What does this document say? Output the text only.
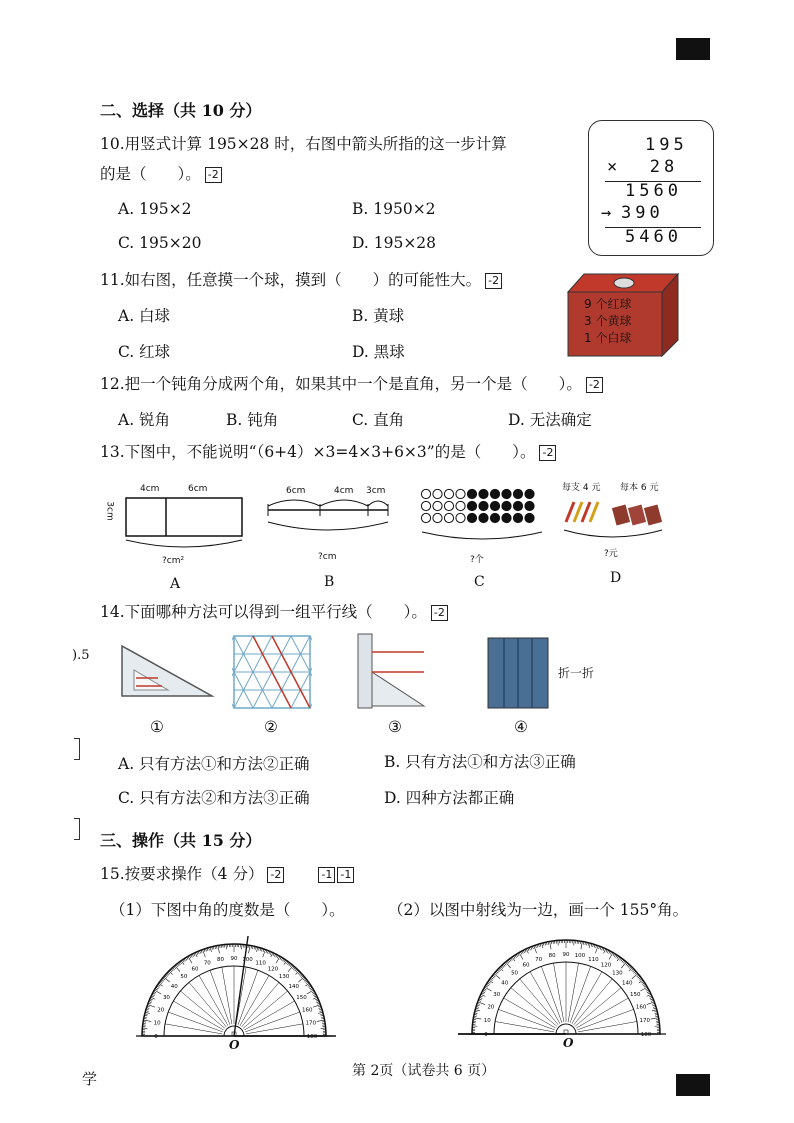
二、选择（共 10 分）
10.用竖式计算 195×28 时，右图中箭头所指的这一步计算
的是（　　）。 -2
A. 195×2	B. 1950×2
C. 195×20	D. 195×28
195
×  28
1560
→ 390
5460
11.如右图，任意摸一个球，摸到（　　）的可能性大。 -2
A. 白球	B. 黄球
C. 红球	D. 黑球
9 个红球
3 个黄球
1 个白球
12.把一个钝角分成两个角，如果其中一个是直角，另一个是（　　）。 -2
A. 锐角	B. 钝角	C. 直角	D. 无法确定
13.下图中，不能说明“（6+4）×3=4×3+6×3”的是（　　）。 -2
4cm	6cm
3cm
?cm²
A
6cm	4cm 3cm
?cm
B
?个
C
每支 4 元 每本 6 元
?元
D
14.下面哪种方法可以得到一组平行线（　　）。 -2
).5
折一折
①	②	③	④
A. 只有方法①和方法②正确	B. 只有方法①和方法③正确
C. 只有方法②和方法③正确	D. 四种方法都正确
三、操作（共 15 分）
15.按要求操作（4 分） -2	-1 -1
（1）下图中角的度数是（　　）。	（2）以图中射线为一边，画一个 155°角。
180
170
160
150
140
130
120
110
100
90
80
70
60
50
40
30
20
10
0	180
170
160
150
140
130
120
110
100
90
80
70
60
50
40
30
20
10
0
O	O
第 2页（试卷共 6 页）
学
